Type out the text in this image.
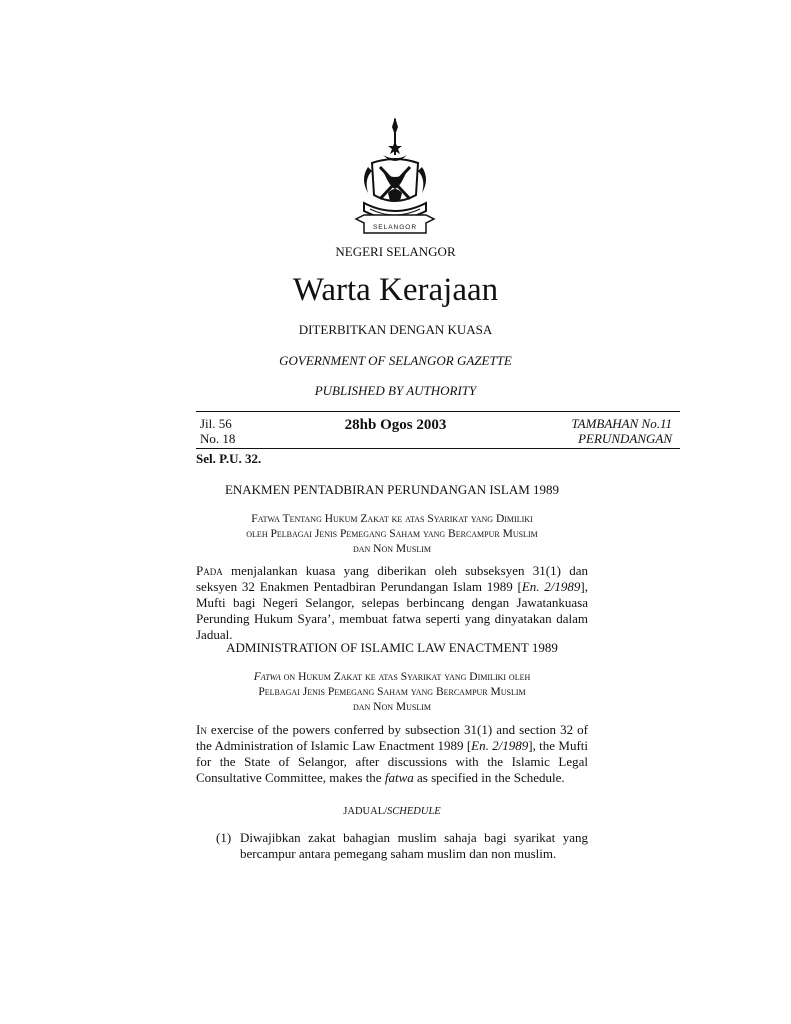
SELANGOR
NEGERI SELANGOR
Warta Kerajaan
DITERBITKAN DENGAN KUASA
GOVERNMENT OF SELANGOR GAZETTE
PUBLISHED BY AUTHORITY
Jil. 56
No. 18
28hb Ogos 2003	TAMBAHAN No.11
PERUNDANGAN
Sel. P.U. 32.
ENAKMEN PENTADBIRAN PERUNDANGAN ISLAM 1989
Fatwa Tentang Hukum Zakat ke atas Syarikat yang Dimiliki
oleh Pelbagai Jenis Pemegang Saham yang Bercampur Muslim
dan Non Muslim
Pada menjalankan kuasa yang diberikan oleh subseksyen 31(1) dan seksyen 32 Enakmen Pentadbiran Perundangan Islam 1989 [En. 2/1989], Mufti bagi Negeri Selangor, selepas berbincang dengan Jawatankuasa Perunding Hukum Syara’, membuat fatwa seperti yang dinyatakan dalam Jadual.
ADMINISTRATION OF ISLAMIC LAW ENACTMENT 1989
Fatwa on Hukum Zakat ke atas Syarikat yang Dimiliki oleh
Pelbagai Jenis Pemegang Saham yang Bercampur Muslim
dan Non Muslim
In exercise of the powers conferred by subsection 31(1) and section 32 of the Administration of Islamic Law Enactment 1989 [En. 2/1989], the Mufti for the State of Selangor, after discussions with the Islamic Legal Consultative Committee, makes the fatwa as specified in the Schedule.
JADUAL/SCHEDULE
(1) Diwajibkan zakat bahagian muslim sahaja bagi syarikat yang bercampur antara pemegang saham muslim dan non muslim.
